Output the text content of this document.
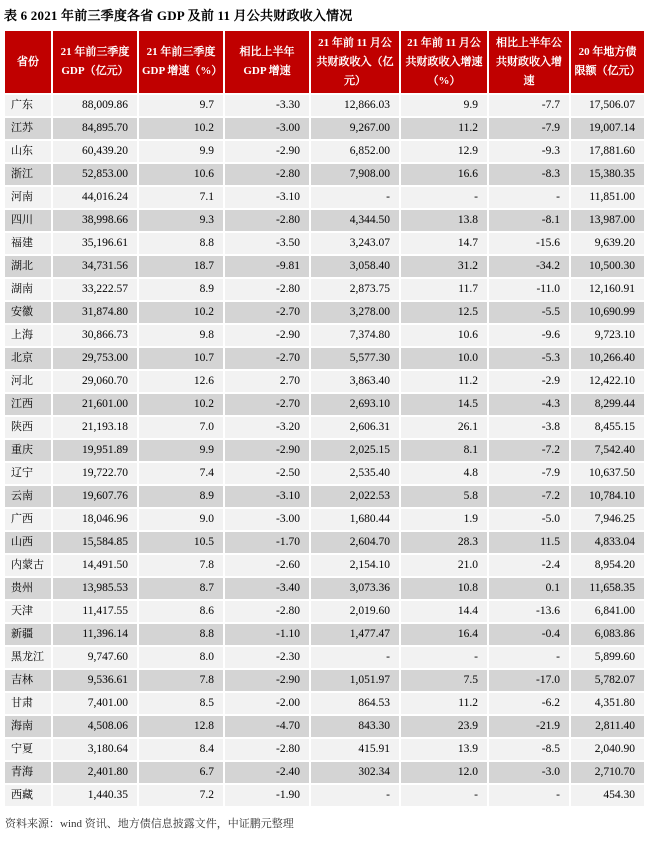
表 6 2021 年前三季度各省 GDP 及前 11 月公共财政收入情况
省份	21 年前三季度 GDP（亿元）	21 年前三季度 GDP 增速（%）	相比上半年 GDP 增速	21 年前 11 月公共财政收入（亿元）	21 年前 11 月公共财政收入增速（%）	相比上半年公共财政收入增速	20 年地方债限额（亿元）
广东	88,009.86	9.7	-3.30	12,866.03	9.9	-7.7	17,506.07
江苏	84,895.70	10.2	-3.00	9,267.00	11.2	-7.9	19,007.14
山东	60,439.20	9.9	-2.90	6,852.00	12.9	-9.3	17,881.60
浙江	52,853.00	10.6	-2.80	7,908.00	16.6	-8.3	15,380.35
河南	44,016.24	7.1	-3.10	-	-	-	11,851.00
四川	38,998.66	9.3	-2.80	4,344.50	13.8	-8.1	13,987.00
福建	35,196.61	8.8	-3.50	3,243.07	14.7	-15.6	9,639.20
湖北	34,731.56	18.7	-9.81	3,058.40	31.2	-34.2	10,500.30
湖南	33,222.57	8.9	-2.80	2,873.75	11.7	-11.0	12,160.91
安徽	31,874.80	10.2	-2.70	3,278.00	12.5	-5.5	10,690.99
上海	30,866.73	9.8	-2.90	7,374.80	10.6	-9.6	9,723.10
北京	29,753.00	10.7	-2.70	5,577.30	10.0	-5.3	10,266.40
河北	29,060.70	12.6	2.70	3,863.40	11.2	-2.9	12,422.10
江西	21,601.00	10.2	-2.70	2,693.10	14.5	-4.3	8,299.44
陕西	21,193.18	7.0	-3.20	2,606.31	26.1	-3.8	8,455.15
重庆	19,951.89	9.9	-2.90	2,025.15	8.1	-7.2	7,542.40
辽宁	19,722.70	7.4	-2.50	2,535.40	4.8	-7.9	10,637.50
云南	19,607.76	8.9	-3.10	2,022.53	5.8	-7.2	10,784.10
广西	18,046.96	9.0	-3.00	1,680.44	1.9	-5.0	7,946.25
山西	15,584.85	10.5	-1.70	2,604.70	28.3	11.5	4,833.04
内蒙古	14,491.50	7.8	-2.60	2,154.10	21.0	-2.4	8,954.20
贵州	13,985.53	8.7	-3.40	3,073.36	10.8	0.1	11,658.35
天津	11,417.55	8.6	-2.80	2,019.60	14.4	-13.6	6,841.00
新疆	11,396.14	8.8	-1.10	1,477.47	16.4	-0.4	6,083.86
黑龙江	9,747.60	8.0	-2.30	-	-	-	5,899.60
吉林	9,536.61	7.8	-2.90	1,051.97	7.5	-17.0	5,782.07
甘肃	7,401.00	8.5	-2.00	864.53	11.2	-6.2	4,351.80
海南	4,508.06	12.8	-4.70	843.30	23.9	-21.9	2,811.40
宁夏	3,180.64	8.4	-2.80	415.91	13.9	-8.5	2,040.90
青海	2,401.80	6.7	-2.40	302.34	12.0	-3.0	2,710.70
西藏	1,440.35	7.2	-1.90	-	-	-	454.30
资料来源：wind 资讯、地方债信息披露文件，中证鹏元整理
